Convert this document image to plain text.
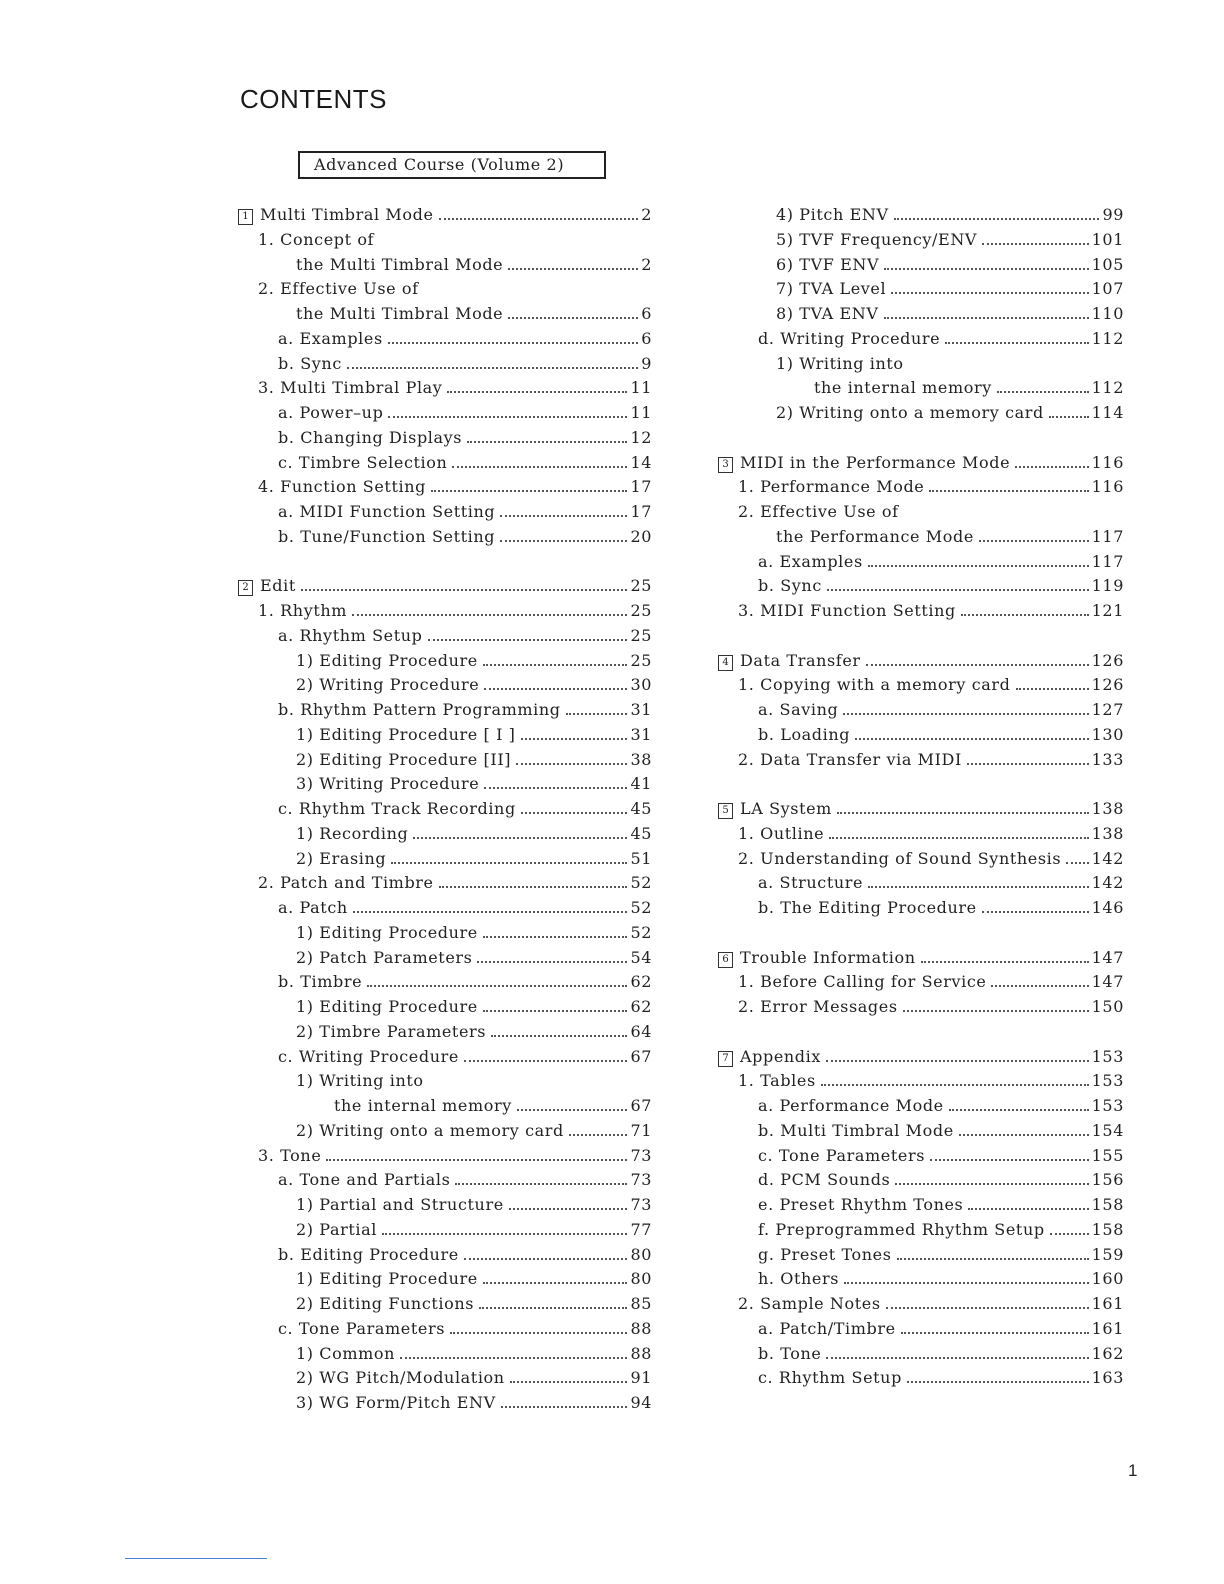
CONTENTS
Advanced Course (Volume 2)
1 Multi Timbral Mode	2
1. Concept of
the Multi Timbral Mode	2
2. Effective Use of
the Multi Timbral Mode	6
a. Examples	6
b. Sync	9
3. Multi Timbral Play	11
a. Power–up	11
b. Changing Displays	12
c. Timbre Selection	14
4. Function Setting	17
a. MIDI Function Setting	17
b. Tune∕Function Setting	20
2 Edit	25
1. Rhythm	25
a. Rhythm Setup	25
1) Editing Procedure	25
2) Writing Procedure	30
b. Rhythm Pattern Programming	31
1) Editing Procedure [ I ]	31
2) Editing Procedure [II]	38
3) Writing Procedure	41
c. Rhythm Track Recording	45
1) Recording	45
2) Erasing	51
2. Patch and Timbre	52
a. Patch	52
1) Editing Procedure	52
2) Patch Parameters	54
b. Timbre	62
1) Editing Procedure	62
2) Timbre Parameters	64
c. Writing Procedure	67
1) Writing into
the internal memory	67
2) Writing onto a memory card	71
3. Tone	73
a. Tone and Partials	73
1) Partial and Structure	73
2) Partial	77
b. Editing Procedure	80
1) Editing Procedure	80
2) Editing Functions	85
c. Tone Parameters	88
1) Common	88
2) WG Pitch∕Modulation	91
3) WG Form∕Pitch ENV	94
4) Pitch ENV	99
5) TVF Frequency∕ENV	101
6) TVF ENV	105
7) TVA Level	107
8) TVA ENV	110
d. Writing Procedure	112
1) Writing into
the internal memory	112
2) Writing onto a memory card	114
3 MIDI in the Performance Mode	116
1. Performance Mode	116
2. Effective Use of
the Performance Mode	117
a. Examples	117
b. Sync	119
3. MIDI Function Setting	121
4 Data Transfer	126
1. Copying with a memory card	126
a. Saving	127
b. Loading	130
2. Data Transfer via MIDI	133
5 LA System	138
1. Outline	138
2. Understanding of Sound Synthesis 142
a. Structure	142
b. The Editing Procedure	146
6 Trouble Information	147
1. Before Calling for Service	147
2. Error Messages	150
7 Appendix	153
1. Tables	153
a. Performance Mode	153
b. Multi Timbral Mode	154
c. Tone Parameters	155
d. PCM Sounds	156
e. Preset Rhythm Tones	158
f. Preprogrammed Rhythm Setup	158
g. Preset Tones	159
h. Others	160
2. Sample Notes	161
a. Patch∕Timbre	161
b. Tone	162
c. Rhythm Setup	163
1
